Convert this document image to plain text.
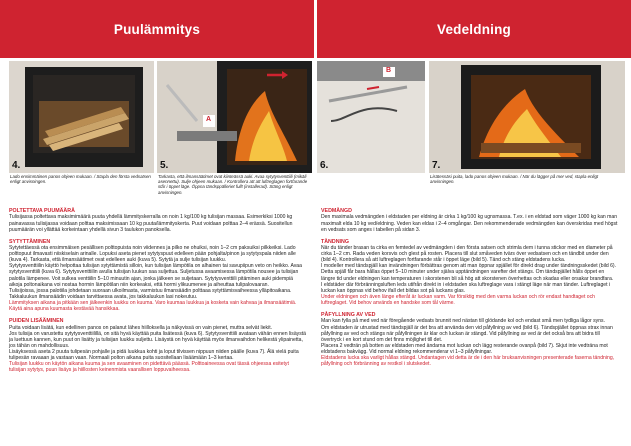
Puulämmitys	Vedeldning
4.	5.
A
6.
B
7.
Lado ensimmäinen panos ohjeen mukaan. / Stapla den första vedsatsen enligt anvisningen.
Tarkasta, että ilmansäätimet ovat kiinteässä auki. Avaa sytytysventtiili (mikäli asennettu). Sulje ohjeen mukaan. / Kontrollera att att luftreglagen fortfarande står i öppet läge. Öppna tändsppälleriet fullt (installerad). Stäng enligt anvisningen.
Lisätessäsi puita, lado panos ohjeen mukaan. / När du lägger på mer ved, stapla enligt anvisningen.
POLTETTAVA PUUMÄÄRÄ

Tulisijassa poltettava maksimimäärä puuta yhdellä lämmityskerralla on noin 1 kg/100 kg tulisijan massaa. Esimerkiksi 1000 kg painavassa tulisijassa voidaan polttaa maksimissaan 10 kg puuta/lämmityskerta. Puut voidaan polttaa 2–4 erässä. Suositellun puumäärän voi yllättää korkeintaan yhdellä sivun 3 taulukon panoksella.

SYTYTTÄMINEN

Sytytettäessä ota ensimmäisen pesällisen polttopuista noin viidennes ja pilko ne ohuiksi, noin 1–2 cm paksuiksi pilkkeiksi. Lado polttopuut ilmavasti niiskiselain arinalle. Lopuksi aseta pienet sytytyspuut edelleen pään pohjalta/pinon ja sytytyspala niiden alle (kuva 4). Tarkasta, että ilmansäätimet ovat edelleen auki (kuva 5). Sytytä ja sulje tulisijan luukku.

Sytytysventtiilin käyttö helpottaa tulisijan sytyttämistä silloin, kun tulisijan lämpötila on alhainen tai savupiipun veto on heikko. Avaa sytytysventtiili (kuva 6). Sytytysventtiilin avulla tulisijan luukun saa suljettua. Suljetussa avaamisessa lämpötila nousee ja tulisijan palotila lämpenee. Voit sulkea venttiilin 5–10 minuutin ajan, jonka jälkeen se suljetaan. Sytytysventtiili pitäminen auki pidempiä aikoja poltonaikana voi nostaa hormin lämpötilan niin korkeaksi, että hormi ylikuumenee ja aiheuttaa tulipalovaaran.

Tulisijoissa, jossa palotiila johdetaan suoraan ulkoilmasta, varmistuu ilmansäädin polttaaa sytyttämisvaiheessa ylläpitoaikana. Takkaluukun ilmansäädin voidaan tarvittaessa avata, jos takkaluukun lasi nokeutuu.

Lämmityksen aikana ja pitkään sen jälkeenkin luukku on kuuma. Varo kuumaa luukkua ja kosketa vain kahvaa ja ilmansäätimiä. Käytä aina apuna kuumasta kestävää hansikkaa.

PUIDEN LISÄÄMINEN

Puita voidaan lisätä, kun edellinen panos on palanut lähes hiilloksella ja näkyvissä on vain pienet, muttra selvät liekit.

Jos tulisija on varustettu sytytysventtiilillä, on sitä hyvä käyttää puita lisätessä (kuva 6). Sytytysventtiili avataan vähän ennen lisäystä ja luettuun kannen, kun puut on lisätty ja tulisijan luukku suljettu. Lisäystä on hyvä käyttää myös ilmanvaihdon helikestä ylipainetta, jos tähän on mahdollisuus.

Lisäyksessä aseta 2 puuta tulipesän pohjalle ja pidä luukkua kohti ja loput tilvissen nippuun niiden päälle (kuva 7). Älä vielä puita tulipesän ravaaan ja vastaan vaan. Normaali polton aikana puita suositellaan lisäämään 1–3 kertaa.

Tulisijan luukku on käytön aikana kuuma ja sen avaaminen on pidettävä päässä. Polttoaineessa ovat tässä ohjeessa esitetyt tulisijan sytytys, puun lisäys ja hiillosten keinenmista vaarallisen loppuvaiheessa.

VEDMÄNGD

Den maximala vedmängden i eldstaden per eldning är cirka 1 kg/100 kg ugnsmassa. T.ex. i en eldstad som väger 1000 kg kan man maximalt elda 10 kg ved/eldning. Veden kan eldas i 2–4 omgångar. Den rekommenderade vedmängden kan överskridas med högst en vedsats som anges i tabellen på sidan 3.

TÄNDNING

När du tänder brasan ta cirka en femtedel av vedmängden i den första satsen och strimla dem i tunna stickor med en diameter på cirka 1–2 cm. Rada veden korsvis och glest på rosten. Placera till slut småveden tvärs över vedsatsen och en tändbit under den (bild 4). Kontrollera så att luftreglagen fortfarande står i öppet läge (bild 5). Tänd och stäng eldstadens lucka.

I modeller med tändspjäll kan invändningen förbättras genom att man öppnar spjället för direkt drag under tändningsskedet (bild 6). Detta spjäll får bara hållas öppet 5–10 minuter under själva upptändningen varefter det stängs. Om tändspjället hålls öppet en längre tid under eldningen kan temperaturen i skorstenen bli så hög att skorstenen överhettas och skadas eller orsakar brandfara.

I eldstäder där förbränningsluften leds utifrån direkt in i eldstaden ska luftreglage vara i stängt läge när man tänder. Luftreglaget i luckan kan öppnas vid behov ifall det bildas sot på luckans glas.

Under eldningen och även länge efteråt är luckan varm. Var försiktig med den varma luckan och rör endast handtaget och luftreglaget. Vid behov används en handske som tål värme.

PÅFYLLNING AV VED

Man kan fylla på med ved när föregående vedsats brunnit ned nästan till glödande kol och endast små men tydliga lågor syns.

Om eldstaden är utrustad med tändspjäll är det bra att använda den vid påfyllning av ved (bild 6). Tändspjället öppnas strax innan påfyllning av ved och stängs när påfyllningen är klar och luckan är stängd. Vid påfyllning av ved är det också bra att bidra till övertryck i en kort stund om det finns möjlighet till det.

Placera 2 vedträn på botten av eldstaden med ändarna mot luckan och lägg resterande ovanpå (bild 7). Skjut inte vedträna mot eldstadens bakvägg. Vid normal eldning rekommenderar vi 1–3 påfyllningar.

Eldstadens lucka ska varligt hållas stängd. Undantagen vid detta är de i den här bruksanvisningen presenterade faserna tändning, påfyllning och förbränning av restkol i slutskedet.
